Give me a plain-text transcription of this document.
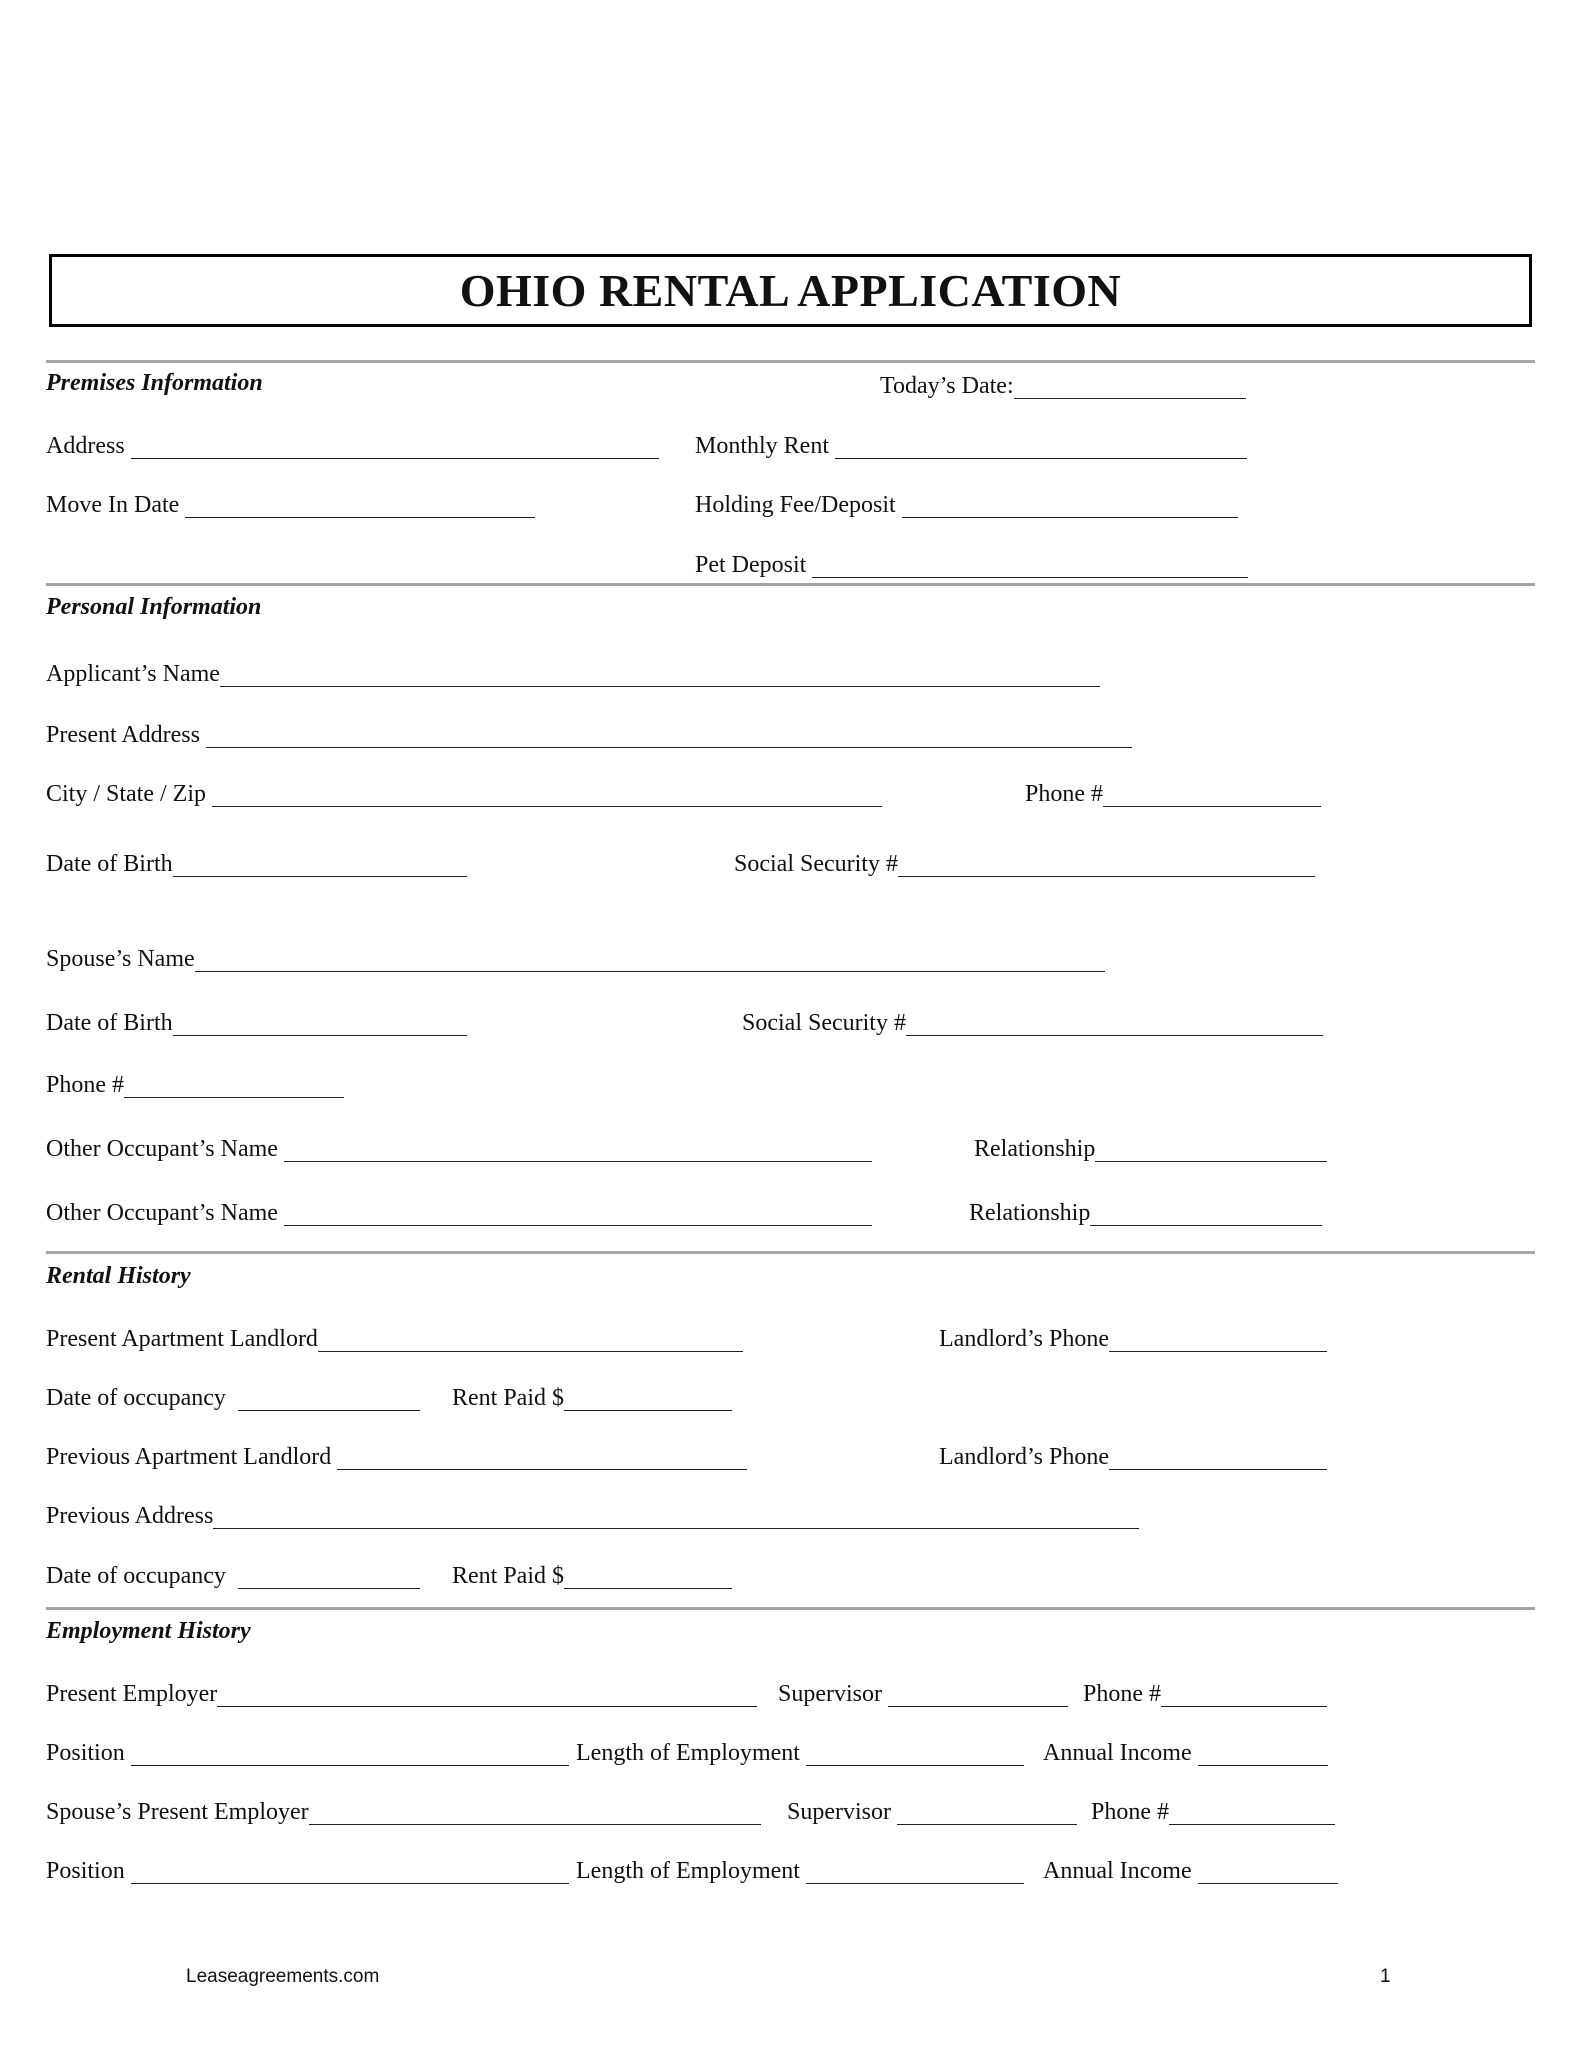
OHIO RENTAL APPLICATION
Premises Information	Today’s Date:
Address	Monthly Rent
Move In Date	Holding Fee/Deposit
Pet Deposit
Personal Information
Applicant’s Name
Present Address
City / State / Zip	Phone #
Date of Birth	Social Security #
Spouse’s Name
Date of Birth	Social Security #
Phone #
Other Occupant’s Name	Relationship
Other Occupant’s Name	Relationship
Rental History
Present Apartment Landlord	Landlord’s Phone
Date of occupancy	Rent Paid $
Previous Apartment Landlord	Landlord’s Phone
Previous Address
Date of occupancy	Rent Paid $
Employment History
Present Employer	Supervisor	Phone #
Position	Length of Employment	Annual Income
Spouse’s Present Employer	Supervisor	Phone #
Position	Length of Employment	Annual Income
Leaseagreements.com	1
